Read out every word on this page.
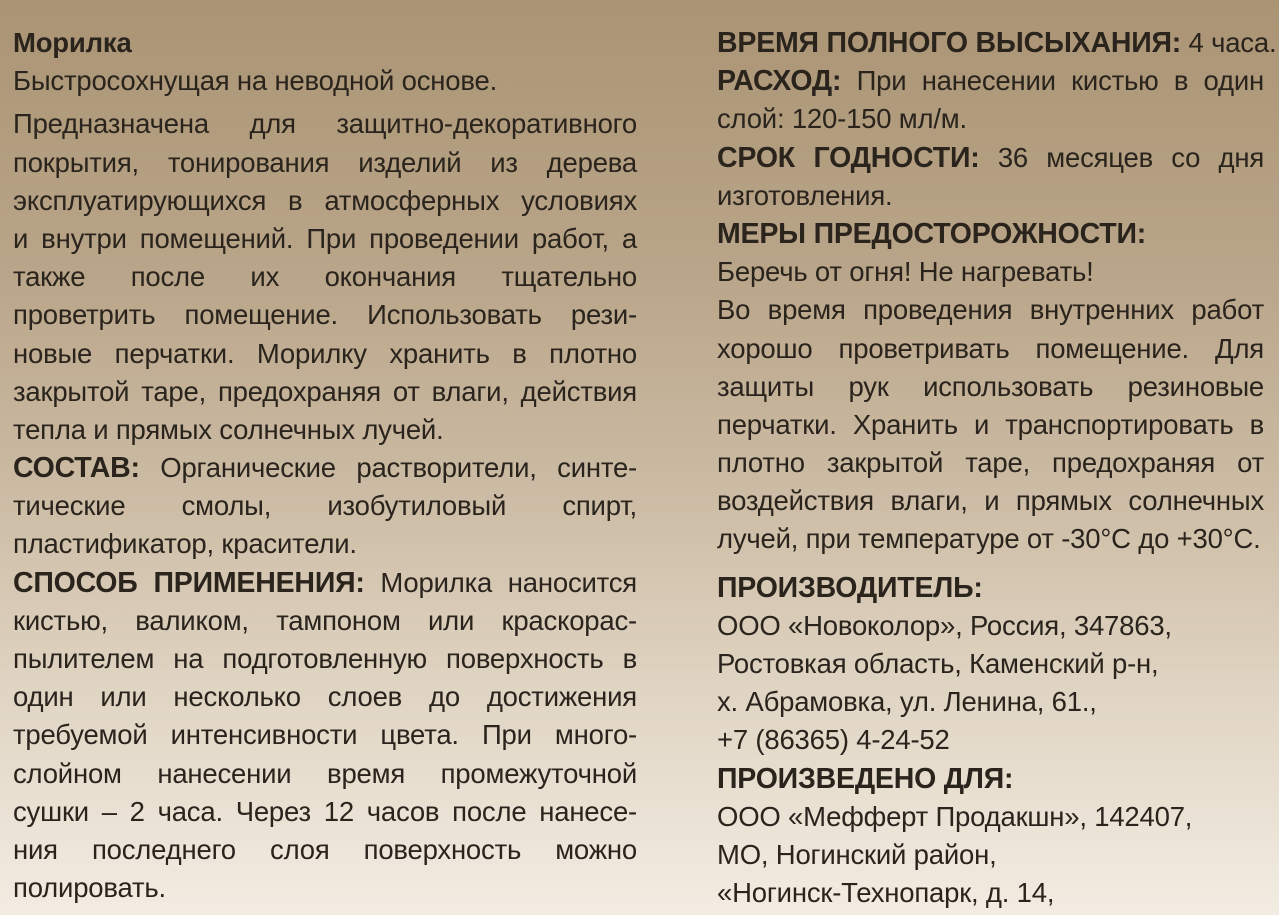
Морилка
Быстросохнущая на неводной основе.
Предназначена для защитно-декоративного
покрытия, тонирования изделий из дерева
эксплуатирующихся в атмосферных условиях
и внутри помещений. При проведении работ, а
также после их окончания тщательно
проветрить помещение. Использовать рези-
новые перчатки. Морилку хранить в плотно
закрытой таре, предохраняя от влаги, действия
тепла и прямых солнечных лучей.
СОСТАВ: Органические растворители, синте-
тические смолы, изобутиловый спирт,
пластификатор, красители.
СПОСОБ ПРИМЕНЕНИЯ: Морилка наносится
кистью, валиком, тампоном или краскорас-
пылителем на подготовленную поверхность в
один или несколько слоев до достижения
требуемой интенсивности цвета. При много-
слойном нанесении время промежуточной
сушки – 2 часа. Через 12 часов после нанесе-
ния последнего слоя поверхность можно
полировать.
ВРЕМЯ ПОЛНОГО ВЫСЫХАНИЯ: 4 часа.
РАСХОД: При нанесении кистью в один
слой: 120-150 мл/м.
СРОК ГОДНОСТИ: 36 месяцев со дня
изготовления.
МЕРЫ ПРЕДОСТОРОЖНОСТИ:
Беречь от огня! Не нагревать!
Во время проведения внутренних работ
хорошо проветривать помещение. Для
защиты рук использовать резиновые
перчатки. Хранить и транспортировать в
плотно закрытой таре, предохраняя от
воздействия влаги, и прямых солнечных
лучей, при температуре от -30°С до +30°С.
ПРОИЗВОДИТЕЛЬ:
ООО «Новоколор», Россия, 347863,
Ростовкая область, Каменский р-н,
х. Абрамовка, ул. Ленина, 61.,
+7 (86365) 4-24-52
ПРОИЗВЕДЕНО ДЛЯ:
ООО «Мефферт Продакшн», 142407,
МО, Ногинский район,
«Ногинск-Технопарк, д. 14,
